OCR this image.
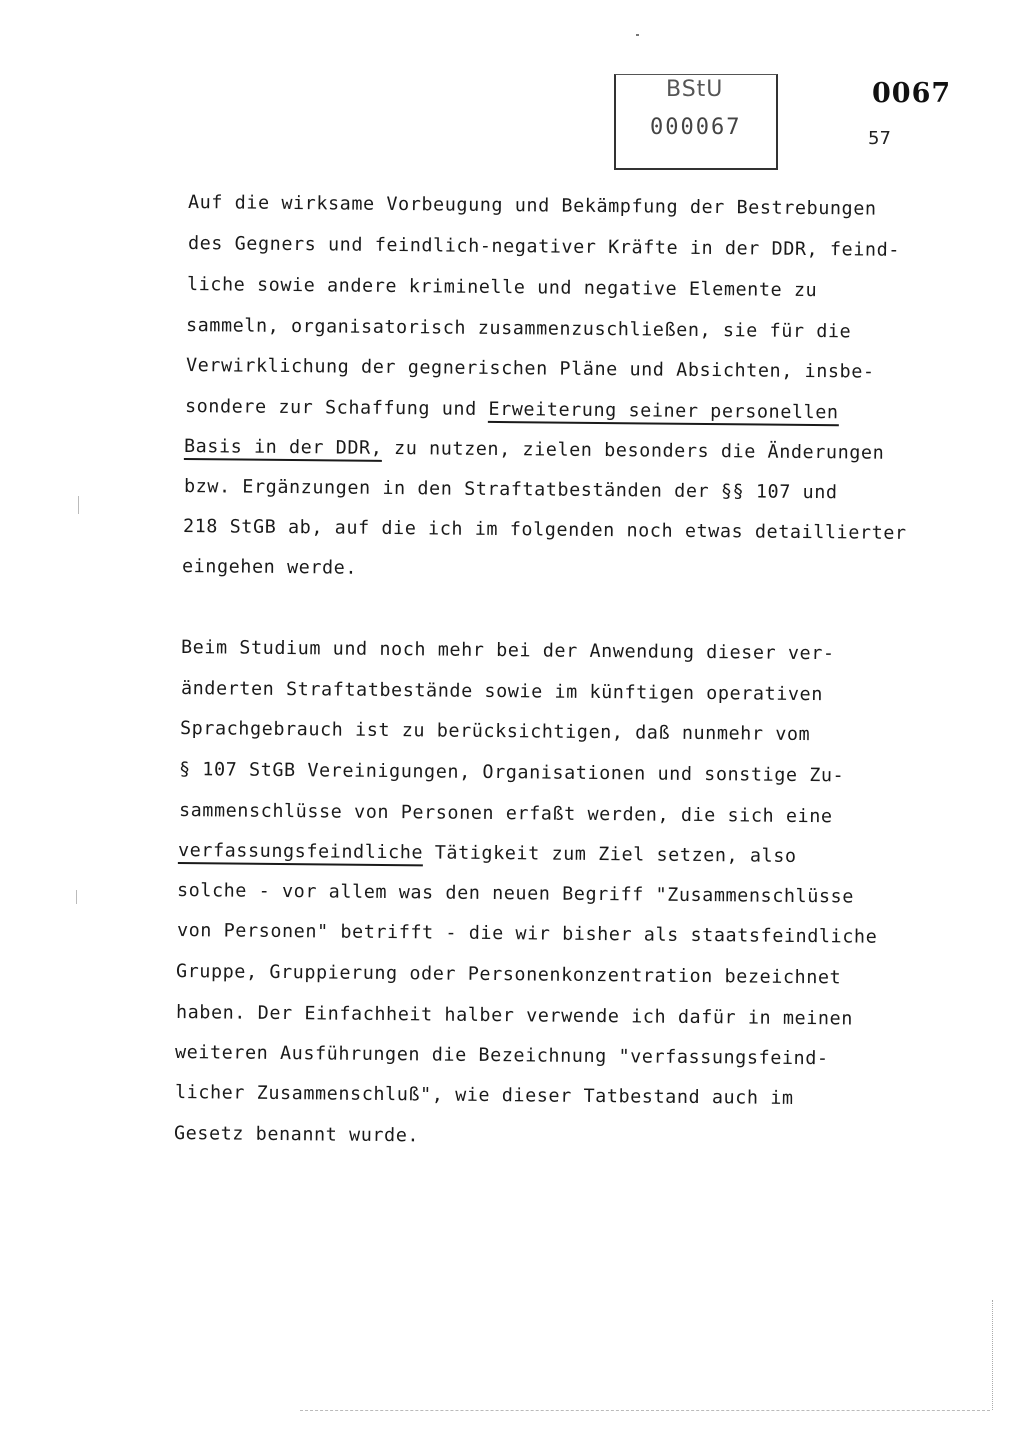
BStU
000067
0067
57
Auf die wirksame Vorbeugung und Bekämpfung der Bestrebungen
des Gegners und feindlich-negativer Kräfte in der DDR, feind-
liche sowie andere kriminelle und negative Elemente zu
sammeln, organisatorisch zusammenzuschließen, sie für die
Verwirklichung der gegnerischen Pläne und Absichten, insbe-
sondere zur Schaffung und Erweiterung seiner personellen
Basis in der DDR, zu nutzen, zielen besonders die Änderungen
bzw. Ergänzungen in den Straftatbeständen der §§ 107 und
218 StGB ab, auf die ich im folgenden noch etwas detaillierter
eingehen werde.
Beim Studium und noch mehr bei der Anwendung dieser ver-
änderten Straftatbestände sowie im künftigen operativen
Sprachgebrauch ist zu berücksichtigen, daß nunmehr vom
§ 107 StGB Vereinigungen, Organisationen und sonstige Zu-
sammenschlüsse von Personen erfaßt werden, die sich eine
verfassungsfeindliche Tätigkeit zum Ziel setzen, also
solche - vor allem was den neuen Begriff "Zusammenschlüsse
von Personen" betrifft - die wir bisher als staatsfeindliche
Gruppe, Gruppierung oder Personenkonzentration bezeichnet
haben. Der Einfachheit halber verwende ich dafür in meinen
weiteren Ausführungen die Bezeichnung "verfassungsfeind-
licher Zusammenschluß", wie dieser Tatbestand auch im
Gesetz benannt wurde.
